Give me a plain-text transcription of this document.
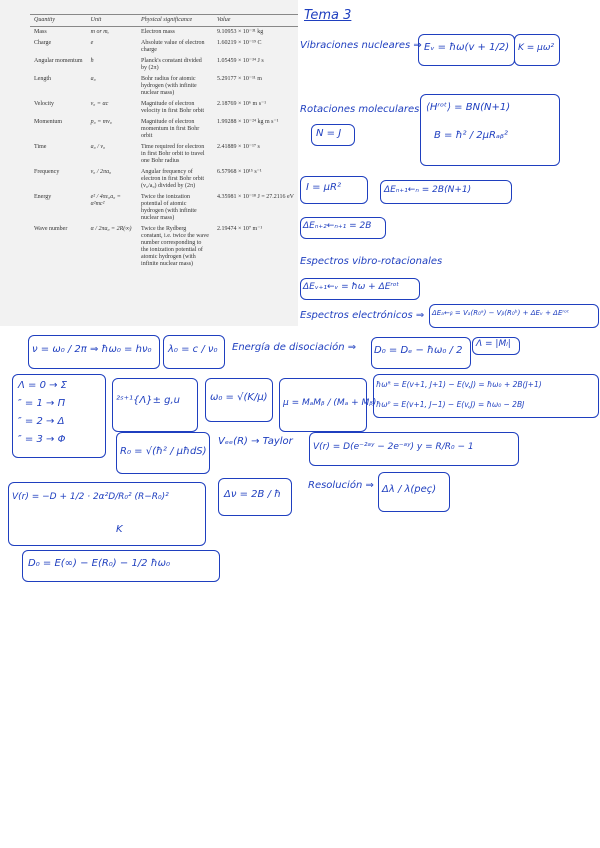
Quantity	Unit	Physical significance	Value
Mass	m or mₑ	Electron mass	9.10953 × 10⁻³¹ kg
Charge	e	Absolute value of electron charge	1.60219 × 10⁻¹⁹ C
Angular momentum	ħ	Planck's constant divided by (2π)	1.05459 × 10⁻³⁴ J s
Length	a₀	Bohr radius for atomic hydrogen (with infinite nuclear mass)	5.29177 × 10⁻¹¹ m
Velocity	v₀ = αc	Magnitude of electron velocity in first Bohr orbit	2.18769 × 10⁶ m s⁻¹
Momentum	p₀ = mv₀	Magnitude of electron momentum in first Bohr orbit	1.99288 × 10⁻²⁴ kg m s⁻¹
Time	a₀ / v₀	Time required for electron in first Bohr orbit to travel one Bohr radius	2.41889 × 10⁻¹⁷ s
Frequency	v₀ / 2πa₀	Angular frequency of electron in first Bohr orbit (v₀/a₀) divided by (2π)	6.57968 × 10¹⁵ s⁻¹
Energy	e² / 4πε₀a₀ = α²mc²	Twice the ionization potential of atomic hydrogen (with infinite nuclear mass)	4.35981 × 10⁻¹⁸ J = 27.2116 eV
Wave number	α / 2πa₀ = 2R(∞)	Twice the Rydberg constant, i.e. twice the wave number corresponding to the ionization potential of atomic hydrogen (with infinite nuclear mass)	2.19474 × 10⁷ m⁻¹
Tema 3
Vibraciones nucleares ⇒ Eᵥ = ħω(v + 1/2) K = μω²
Rotaciones moleculares ⟨Hʳᵒᵗ⟩ = BN(N+1)
B = ħ² / 2μRₐᵦ²
N = J
I = μR²	ΔEₙ₊₁←ₙ = 2B(N+1)
ΔEₙ₊₂←ₙ₊₁ = 2B
Espectros vibro-rotacionales
ΔEᵥ₊₁←ᵥ = ħω + ΔEʳᵒᵗ
Espectros electrónicos ⇒ ΔEₐ←ᵦ = Vₐ(R₀ᵃ) − Vᵦ(R₀ᵇ) + ΔEᵥ + ΔEʳᵒᵗ
ν = ω₀ / 2π ⇒ ħω₀ = hν₀ λ₀ = c / ν₀ Energía de disociación ⇒ D₀ = Dₑ − ħω₀ / 2
Λ = |Mₗ|
Λ = 0 → Σ
″ = 1 → Π
″ = 2 → Δ
″ = 3 → Φ
²ˢ⁺¹{Λ}± g,u	ω₀ = √(K/μ) μ = MₐMᵦ / (Mₐ + Mᵦ)
ħωᴿ = E(v+1, J+1) − E(v,J) = ħω₀ + 2B(J+1)
ħωᴾ = E(v+1, J−1) − E(v,J) = ħω₀ − 2BJ
R₀ = √(ħ² / μħdS)
Vₑₑ(R) → Taylor V(r) = D(e⁻²ᵃʸ − 2e⁻ᵃʸ) y = R/R₀ − 1
V(r) = −D + 1/2 · 2α²D/R₀² (R−R₀)²
K
Δν = 2B / ħ
Resolución ⇒ Δλ / λ(peç)
D₀ = E(∞) − E(R₀) − 1/2 ħω₀
